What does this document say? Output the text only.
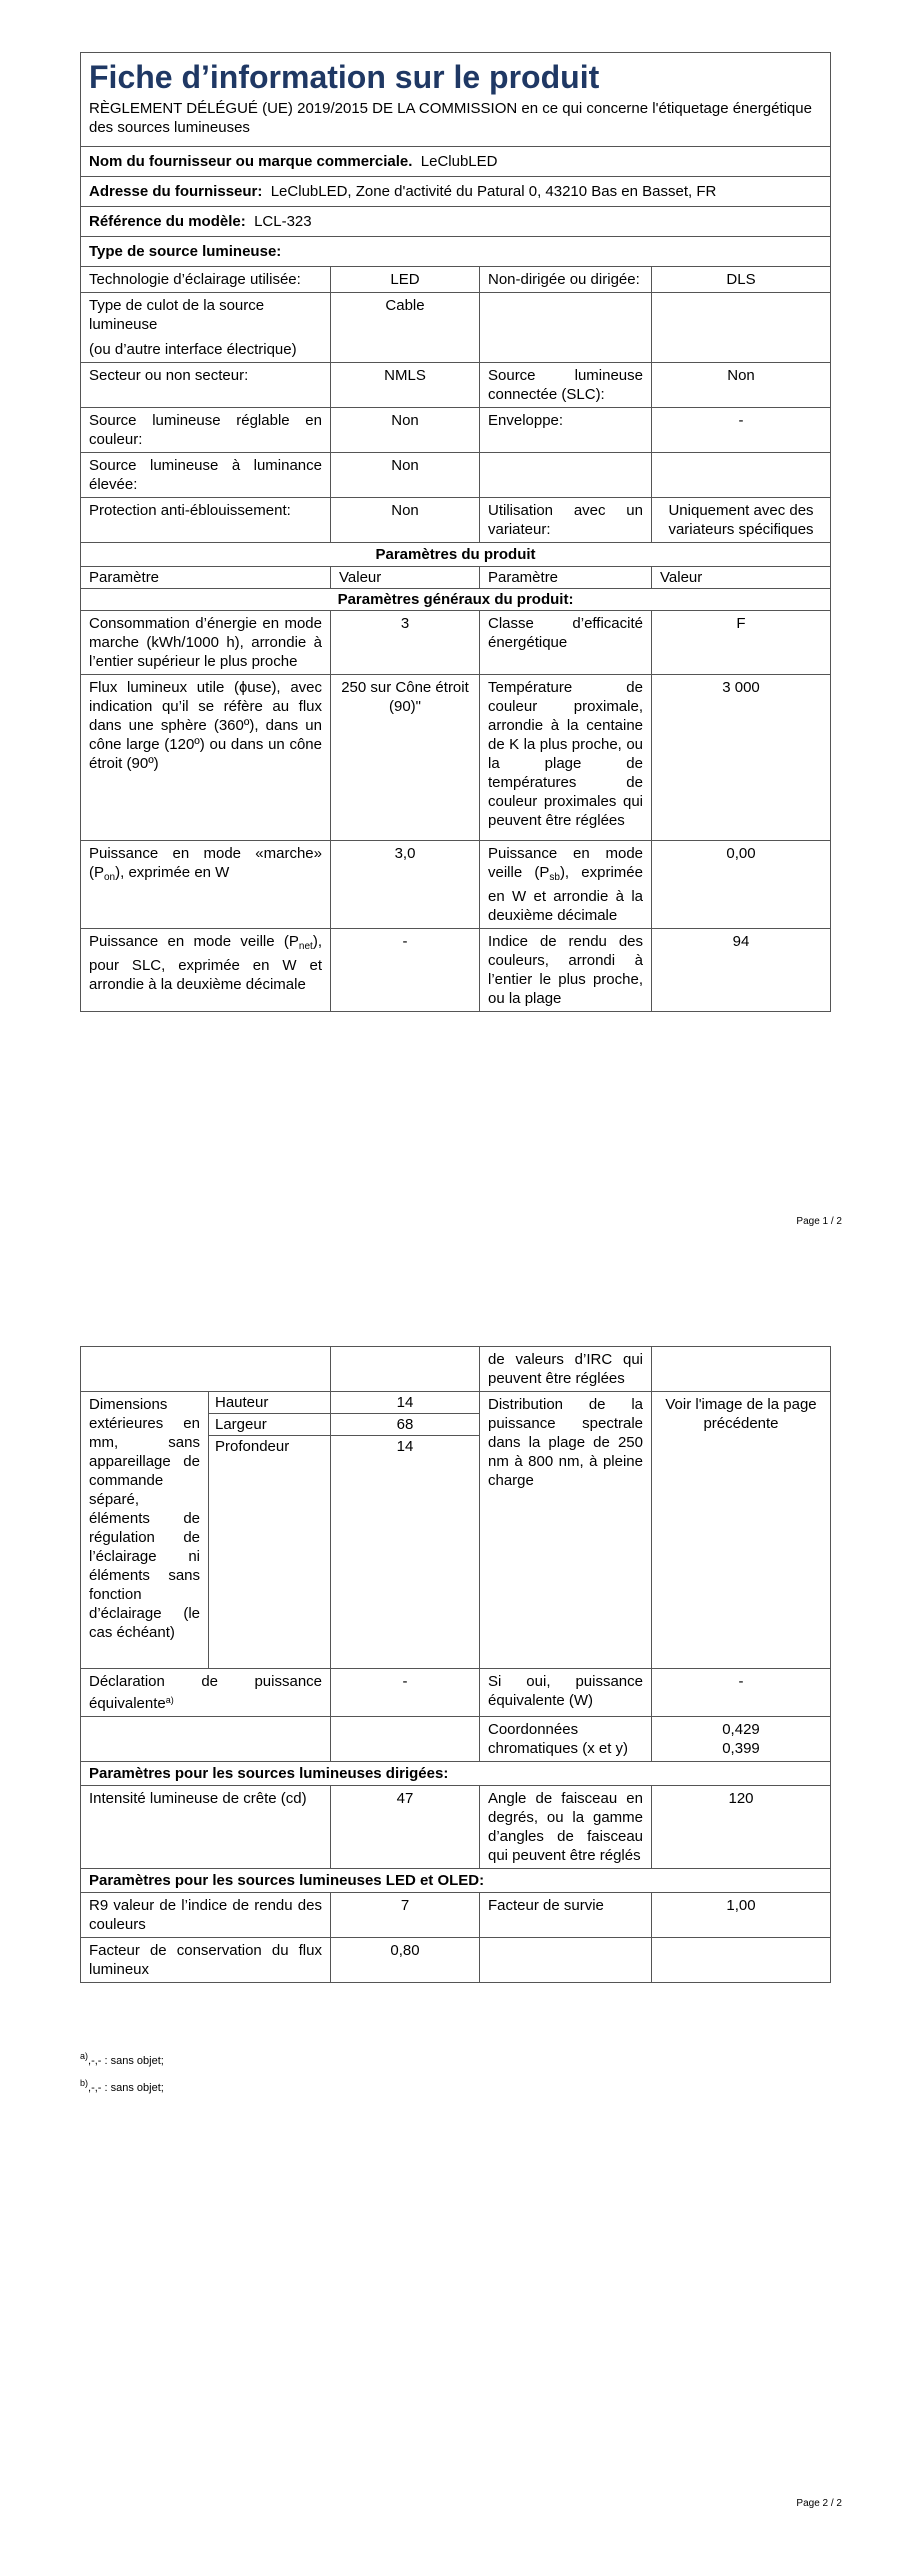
Fiche d’information sur le produit
RÈGLEMENT DÉLÉGUÉ (UE) 2019/2015 DE LA COMMISSION en ce qui concerne l'étiquetage énergétique des sources lumineuses			

Nom du fournisseur ou marque commerciale. LeClubLED			
Adresse du fournisseur: LeClubLED, Zone d'activité du Patural 0, 43210 Bas en Basset, FR			
Référence du modèle: LCL-323			
Type de source lumineuse:			
Technologie d’éclairage utilisée:	LED	Non-dirigée ou dirigée:	DLS

Type de culot de la source lumineuse
(ou d’autre interface électrique)	Cable		
Secteur ou non secteur:	NMLS	Source lumineuse connectée (SLC):	Non
Source lumineuse réglable en couleur:	Non	Enveloppe:	-
Source lumineuse à luminance élevée:	Non		
Protection anti-éblouissement:	Non	Utilisation avec un variateur:	Uniquement avec des variateurs spécifiques
Paramètres du produit			
Paramètre	Valeur	Paramètre	Valeur
Paramètres généraux du produit:			
Consommation d’énergie en mode marche (kWh/1000 h), arrondie à l’entier supérieur le plus proche	3	Classe d’efficacité énergétique	F
Flux lumineux utile (ɸuse), avec indication qu’il se réfère au flux dans une sphère (360º), dans un cône large (120º) ou dans un cône étroit (90º)	250 sur Cône étroit (90)"	Température de couleur proximale, arrondie à la centaine de K la plus proche, ou la plage de températures de couleur proximales qui peuvent être réglées	3 000
Puissance en mode «marche» $(P_{on})$, exprimée en W	3,0	Puissance en mode veille $(P_{sb})$, exprimée en W et arrondie à la deuxième décimale	0,00
Puissance en mode veille $(P_{net})$, pour SLC, exprimée en W et arrondie à la deuxième décimale	-	Indice de rendu des couleurs, arrondi à l’entier le plus proche, ou la plage	94
Page 1 / 2
			de valeurs d’IRC qui peuvent être réglées	
Dimensions extérieures en mm, sans appareillage de commande séparé, éléments de régulation de l’éclairage ni éléments sans fonction d’éclairage (le cas échéant)	Hauteur	14	Distribution de la puissance spectrale dans la plage de 250 nm à 800 nm, à pleine charge	Voir l'image de la page précédente
	Largeur	68		
	Profondeur	14		
Déclaration de puissance équivalente$^{a)}$		-	Si oui, puissance équivalente (W)	-
			Coordonnées chromatiques (x et y)	0,429
0,399

Paramètres pour les sources lumineuses dirigées:				
Intensité lumineuse de crête (cd)		47	Angle de faisceau en degrés, ou la gamme d’angles de faisceau qui peuvent être réglés	120
Paramètres pour les sources lumineuses LED et OLED:				
R9 valeur de l’indice de rendu des couleurs		7	Facteur de survie	1,00
Facteur de conservation du flux lumineux		0,80		
$^{a)}$,-,- : sans objet;
$^{b)}$,-,- : sans objet;
Page 2 / 2
